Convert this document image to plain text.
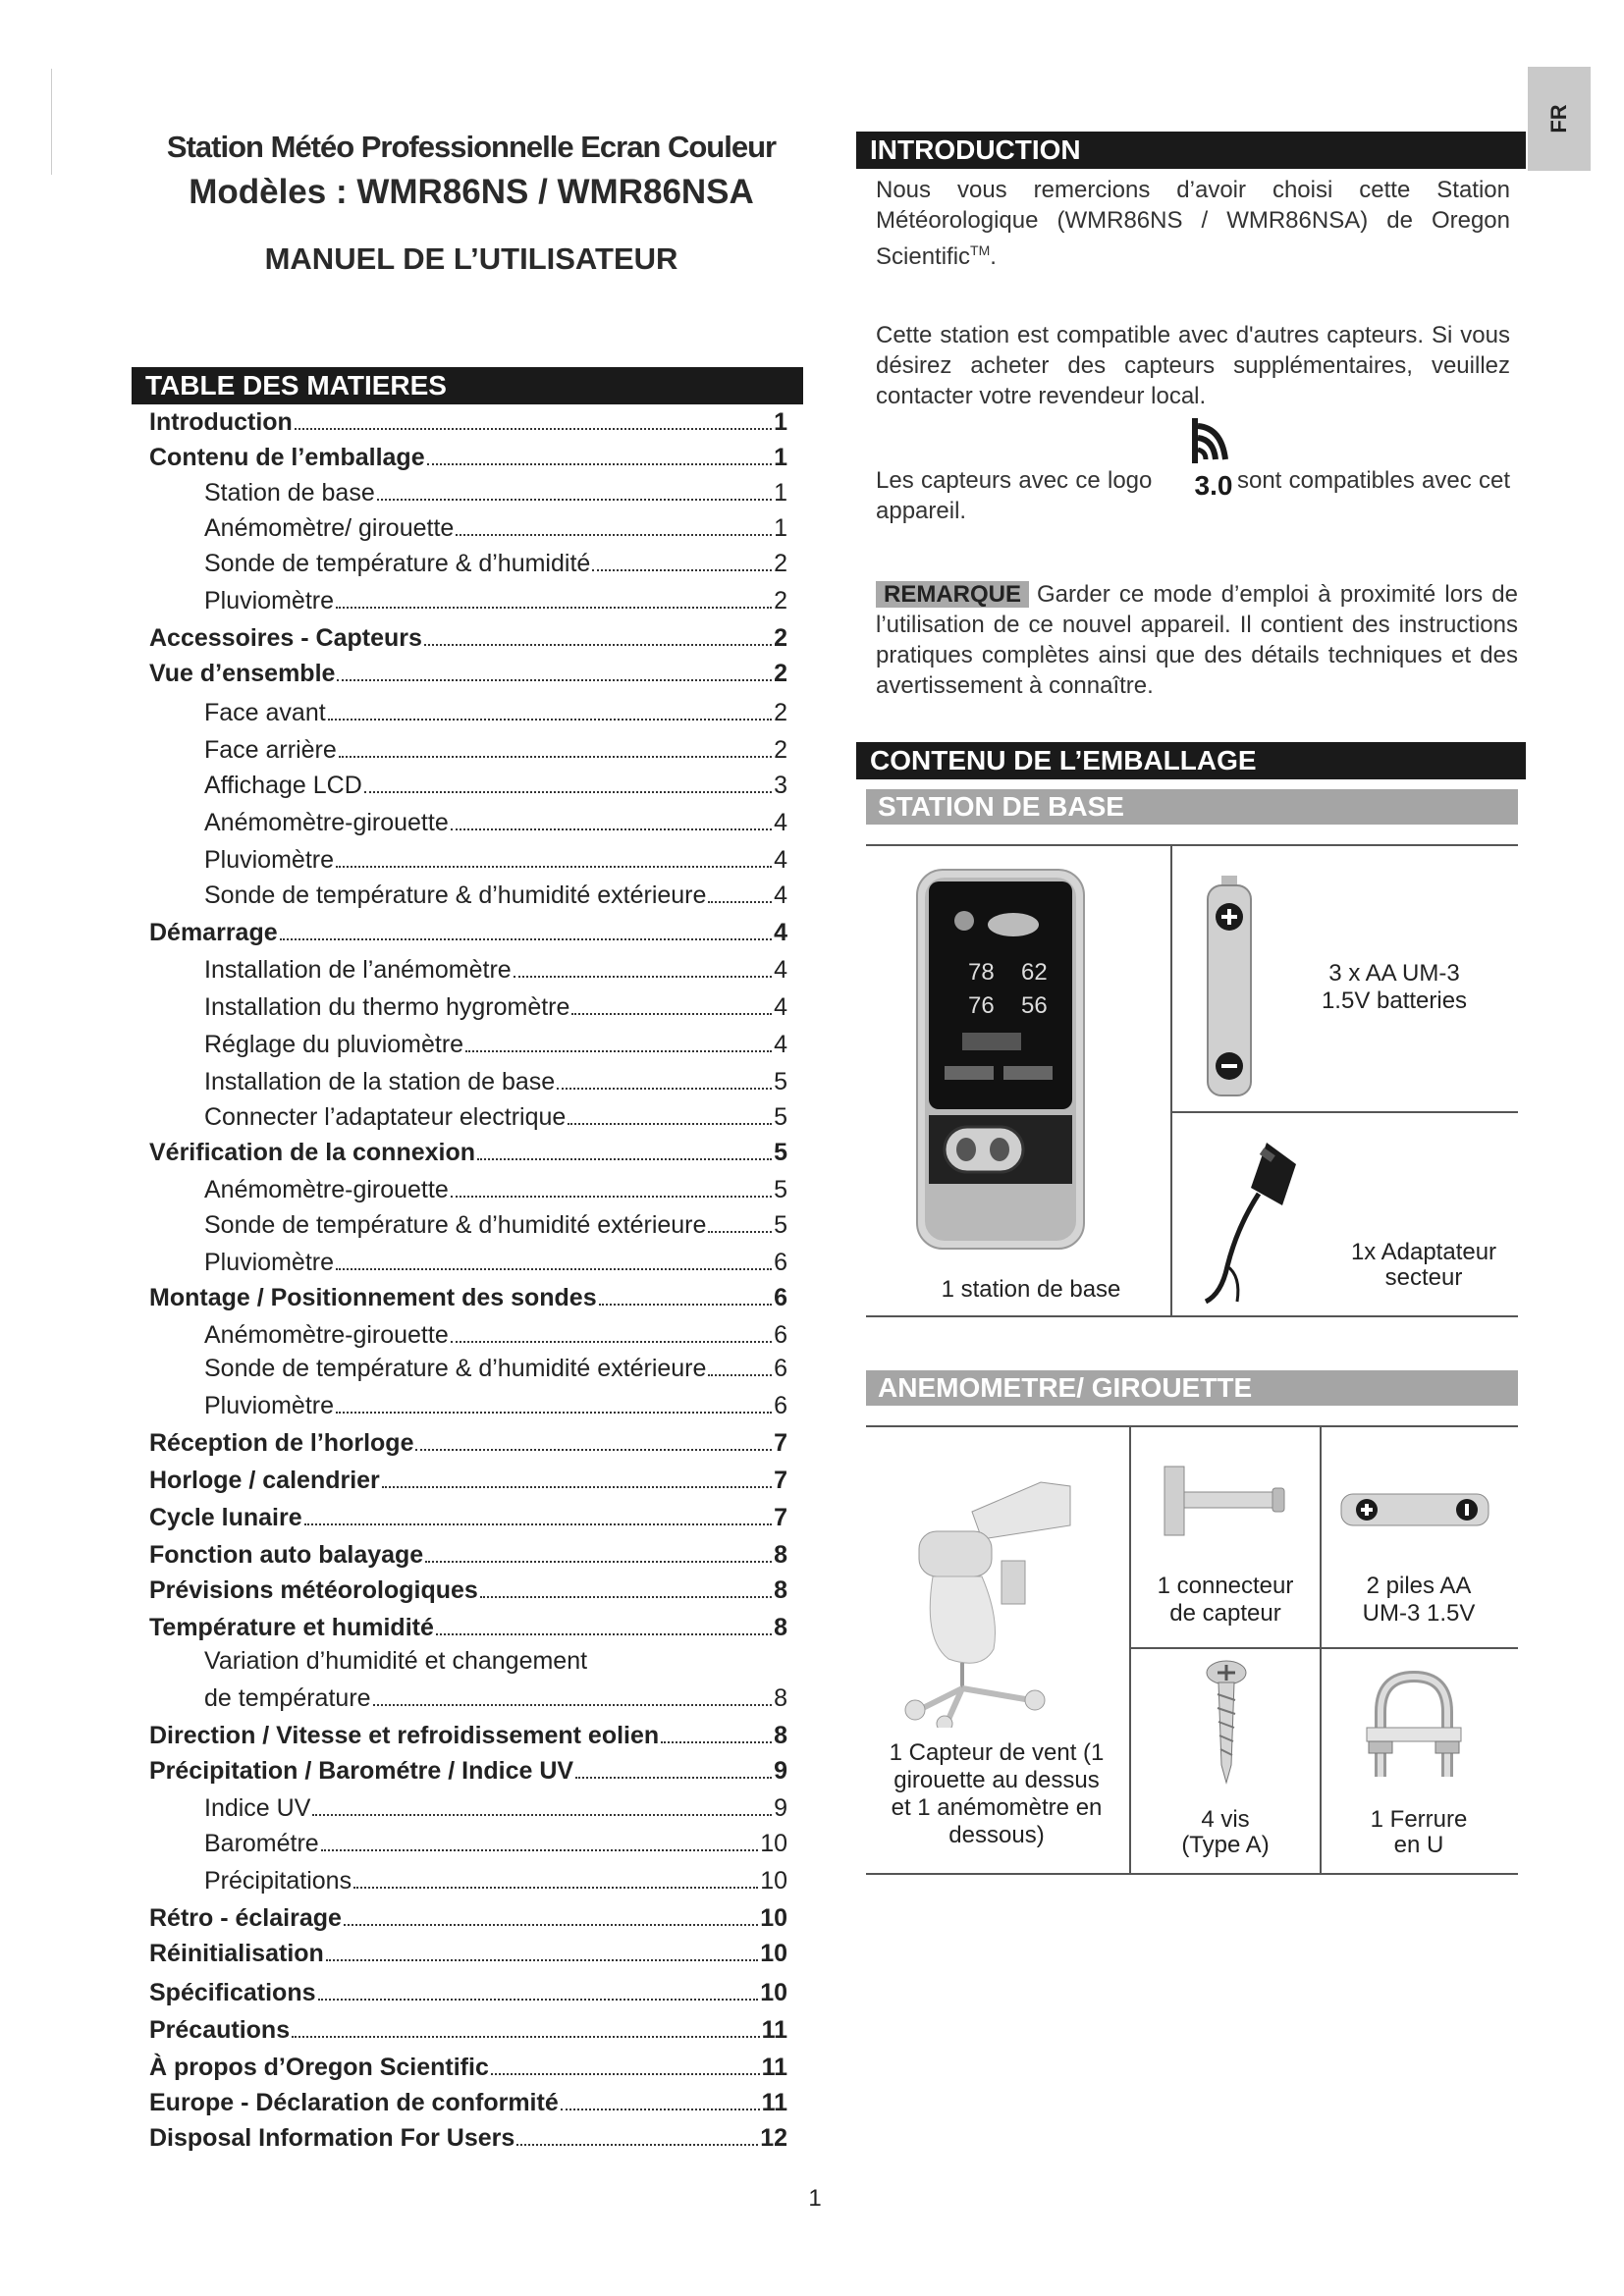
FR
Station Météo Professionnelle Ecran Couleur
Modèles : WMR86NS / WMR86NSA
MANUEL DE L’UTILISATEUR
TABLE DES MATIERES
Introduction	1
Contenu de l’emballage	1
Station de base	1
Anémomètre/ girouette	1
Sonde de température & d’humidité	2
Pluviomètre	2
Accessoires - Capteurs	2
Vue d’ensemble	2
Face avant	2
Face arrière	2
Affichage LCD	3
Anémomètre-girouette	4
Pluviomètre	4
Sonde de température & d’humidité extérieure	4
Démarrage	4
Installation de l’anémomètre	4
Installation du thermo hygromètre	4
Réglage du pluviomètre	4
Installation de la station de base	5
Connecter l’adaptateur electrique	5
Vérification de la connexion	5
Anémomètre-girouette	5
Sonde de température & d’humidité extérieure	5
Pluviomètre	6
Montage / Positionnement des sondes	6
Anémomètre-girouette	6
Sonde de température & d’humidité extérieure	6
Pluviomètre	6
Réception de l’horloge	7
Horloge / calendrier	7
Cycle lunaire	7
Fonction auto balayage	8
Prévisions météorologiques	8
Température et humidité	8
Variation d’humidité et changement
de température	8
Direction / Vitesse et refroidissement eolien	8
Précipitation / Barométre / Indice UV	9
Indice UV	9
Barométre	10
Précipitations	10
Rétro - éclairage	10
Réinitialisation	10
Spécifications	10
Précautions	11
À propos d’Oregon Scientific	11
Europe - Déclaration de conformité	11
Disposal Information For Users	12
INTRODUCTION
Nous vous remercions d’avoir choisi cette Station Météorologique (WMR86NS / WMR86NSA) de Oregon Scientific™.
Cette station est compatible avec d'autres capteurs. Si vous désirez acheter des capteurs supplémentaires, veuillez contacter votre revendeur local.
3.0
Les capteurs avec ce logo	sont compatibles avec cet appareil.
REMARQUE Garder ce mode d’emploi à proximité lors de l’utilisation de ce nouvel appareil. Il contient des instructions pratiques complètes ainsi que des détails techniques et des avertissement à connaître.
CONTENU DE L’EMBALLAGE
STATION DE BASE
78 62
76 56
1 station de base
3 x AA UM-3
1.5V batteries
1x Adaptateur
secteur
ANEMOMETRE/ GIROUETTE
1 Capteur de vent (1
girouette au dessus
et 1 anémomètre en
dessous)
1 connecteur
de capteur
2 piles AA
UM-3 1.5V
4 vis
(Type A)
1 Ferrure
en U
1
